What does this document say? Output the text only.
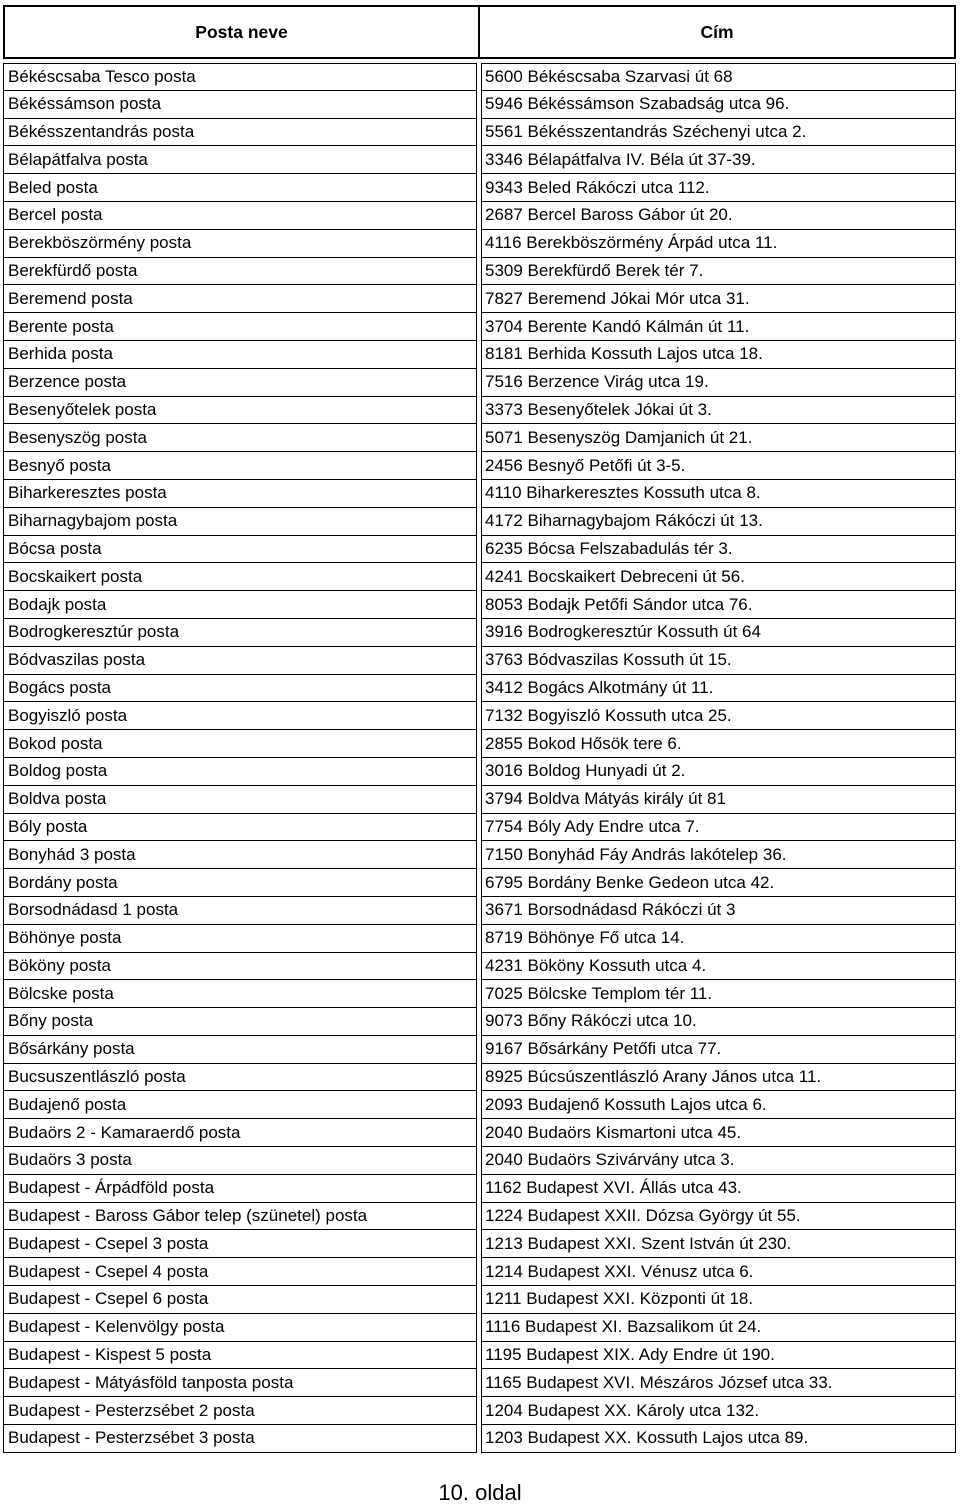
Posta neve	Cím
Békéscsaba Tesco posta	5600 Békéscsaba Szarvasi út 68
Békéssámson posta	5946 Békéssámson Szabadság utca 96.
Békésszentandrás posta	5561 Békésszentandrás Széchenyi utca 2.
Bélapátfalva posta	3346 Bélapátfalva IV. Béla út 37-39.
Beled posta	9343 Beled Rákóczi utca 112.
Bercel posta	2687 Bercel Baross Gábor út 20.
Berekböszörmény posta	4116 Berekböszörmény Árpád utca 11.
Berekfürdő posta	5309 Berekfürdő Berek tér 7.
Beremend posta	7827 Beremend Jókai Mór utca 31.
Berente posta	3704 Berente Kandó Kálmán út 11.
Berhida posta	8181 Berhida Kossuth Lajos utca 18.
Berzence posta	7516 Berzence Virág utca 19.
Besenyőtelek posta	3373 Besenyőtelek Jókai út 3.
Besenyszög posta	5071 Besenyszög Damjanich út 21.
Besnyő posta	2456 Besnyő Petőfi út 3-5.
Biharkeresztes posta	4110 Biharkeresztes Kossuth utca 8.
Biharnagybajom posta	4172 Biharnagybajom Rákóczi út 13.
Bócsa posta	6235 Bócsa Felszabadulás tér 3.
Bocskaikert posta	4241 Bocskaikert Debreceni út 56.
Bodajk posta	8053 Bodajk Petőfi Sándor utca 76.
Bodrogkeresztúr posta	3916 Bodrogkeresztúr Kossuth út 64
Bódvaszilas posta	3763 Bódvaszilas Kossuth út 15.
Bogács posta	3412 Bogács Alkotmány út 11.
Bogyiszló posta	7132 Bogyiszló Kossuth utca 25.
Bokod posta	2855 Bokod Hősök tere 6.
Boldog posta	3016 Boldog Hunyadi út 2.
Boldva posta	3794 Boldva Mátyás király út 81
Bóly posta	7754 Bóly Ady Endre utca 7.
Bonyhád 3 posta	7150 Bonyhád Fáy András lakótelep 36.
Bordány posta	6795 Bordány Benke Gedeon utca 42.
Borsodnádasd 1 posta	3671 Borsodnádasd Rákóczi út 3
Böhönye posta	8719 Böhönye Fő utca 14.
Bököny posta	4231 Bököny Kossuth utca 4.
Bölcske posta	7025 Bölcske Templom tér 11.
Bőny posta	9073 Bőny Rákóczi utca 10.
Bősárkány posta	9167 Bősárkány Petőfi utca 77.
Bucsuszentlászló posta	8925 Búcsúszentlászló Arany János utca 11.
Budajenő posta	2093 Budajenő Kossuth Lajos utca 6.
Budaörs 2 - Kamaraerdő posta	2040 Budaörs Kismartoni utca 45.
Budaörs 3 posta	2040 Budaörs Szivárvány utca 3.
Budapest - Árpádföld posta	1162 Budapest XVI. Állás utca 43.
Budapest - Baross Gábor telep (szünetel) posta	1224 Budapest XXII. Dózsa György út 55.
Budapest - Csepel 3 posta	1213 Budapest XXI. Szent István út 230.
Budapest - Csepel 4 posta	1214 Budapest XXI. Vénusz utca 6.
Budapest - Csepel 6 posta	1211 Budapest XXI. Központi út 18.
Budapest - Kelenvölgy posta	1116 Budapest XI. Bazsalikom út 24.
Budapest - Kispest 5 posta	1195 Budapest XIX. Ady Endre út 190.
Budapest - Mátyásföld tanposta posta	1165 Budapest XVI. Mészáros József utca 33.
Budapest - Pesterzsébet 2 posta	1204 Budapest XX. Károly utca 132.
Budapest - Pesterzsébet 3 posta	1203 Budapest XX. Kossuth Lajos utca 89.
10. oldal
